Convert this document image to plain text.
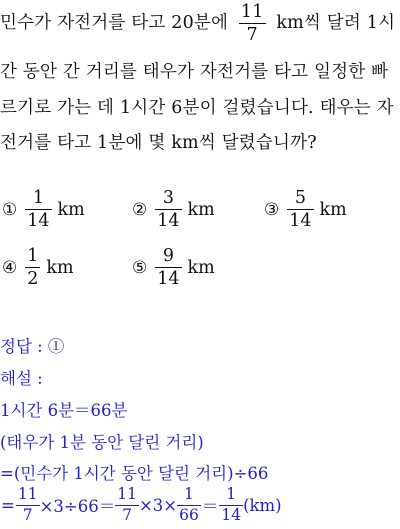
민수가 자전거를 타고 20분에 $\frac{11}{7}$ km씩 달려 1시
간 동안 간 거리를 태우가 자전거를 타고 일정한 빠
르기로 가는 데 1시간 6분이 걸렸습니다. 태우는 자
전거를 타고 1분에 몇 km씩 달렸습니까?
① $\frac{1}{14}$ km	② $\frac{3}{14}$ km	③ $\frac{5}{14}$ km
④ $\frac{1}{2}$ km	⑤ $\frac{9}{14}$ km
정답 : ①
해설 :
1시간 6분＝66분
(태우가 1분 동안 달린 거리)
=(민수가 1시간 동안 달린 거리)÷66
= $\frac{11}{7} \times 3\div 66= \frac{11}{7} \times 3\times \frac{1}{66} = \frac{1}{14} (km)$
